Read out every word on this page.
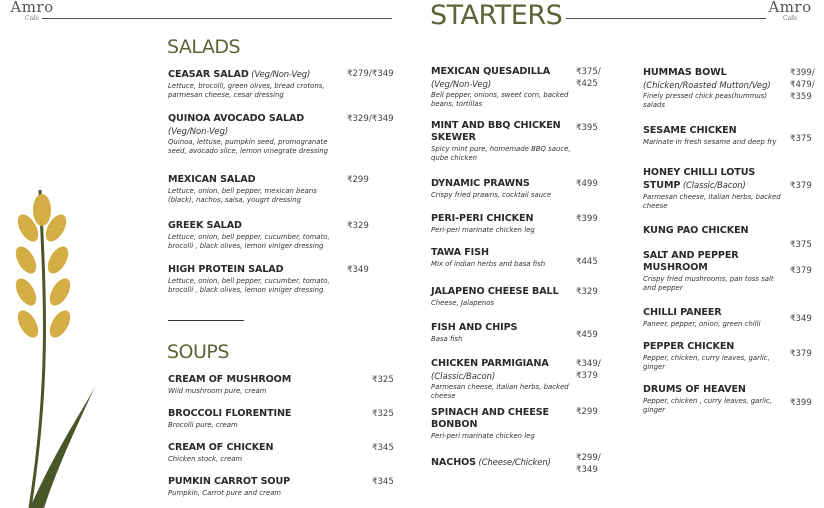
Amro
Cafe	STARTERS	Amro
Cafe
SALADS
SOUPS
CEASAR SALAD (Veg/Non-Veg)
Lettuce, brocolli, green olives, bread crotons, parmesan cheese, cesar dressing
₹279/₹349
QUINOA AVOCADO SALAD
(Veg/Non-Veg)
Quinoa, lettuse, pumpkin seed, promogranate seed, avocado slice, lemon vinegrate dressing
₹329/₹349
MEXICAN SALAD
Lettuce, onion, bell pepper, mexican beans (black), nachos, salsa, yougrt dressing
₹299
GREEK SALAD
Lettuce, onion, bell pepper, cucumber, tomato, brocolli , black olives, lemon viniger dressing
₹329
HIGH PROTEIN SALAD
Lettuce, onion, bell pepper, cucumber, tomato, brocolli , black olives, lemon viniger dressing
₹349
CREAM OF MUSHROOM
Wild mushroom pure, cream
₹325
BROCCOLI FLORENTINE
Brocolli pure, cream
₹325
CREAM OF CHICKEN
Chicken stock, cream
₹345
PUMKIN CARROT SOUP
Pumpkin, Carrot pure and cream
₹345
MEXICAN QUESADILLA
(Veg/Non-Veg)
Bell pepper, onions, sweet corn, backed beans, tortillas
₹375/
₹425
MINT AND BBQ CHICKEN SKEWER
Spicy mint pure, homemade BBQ sauce, qube chicken
₹395
DYNAMIC PRAWNS
Crispy fried prawns, cocktail sauce
₹499
PERI-PERI CHICKEN
Peri-peri marinate chicken leg
₹399
TAWA FISH
Mix of indian herbs and basa fish	₹445
JALAPENO CHEESE BALL
Cheese, Jalapenos
₹329
FISH AND CHIPS
Basa fish	₹459
CHICKEN PARMIGIANA
(Classic/Bacon)
Parmesan cheese, italian herbs, backed cheese
₹349/
₹379
SPINACH AND CHEESE BONBON
Peri-peri marinate chicken leg
₹299
NACHOS (Cheese/Chicken)	₹299/
₹349
HUMMAS BOWL
(Chicken/Roasted Mutton/Veg)
Finely pressed chick peas(hummus) salads
₹399/
₹479/
₹359
SESAME CHICKEN
Marinate in fresh sesame and deep fry	₹375
HONEY CHILLI LOTUS STUMP (Classic/Bacon)
Parmesan cheese, italian herbs, backed cheese
₹379
KUNG PAO CHICKEN
₹375
SALT AND PEPPER MUSHROOM
Crispy fried mushrooms, pan toss salt and pepper
₹379
CHILLI PANEER
Paneer, pepper, onion, green chilli	₹349
PEPPER CHICKEN
Pepper, chicken, curry leaves, garlic, ginger
₹379
DRUMS OF HEAVEN
Pepper, chicken , curry leaves, garlic, ginger
₹399
